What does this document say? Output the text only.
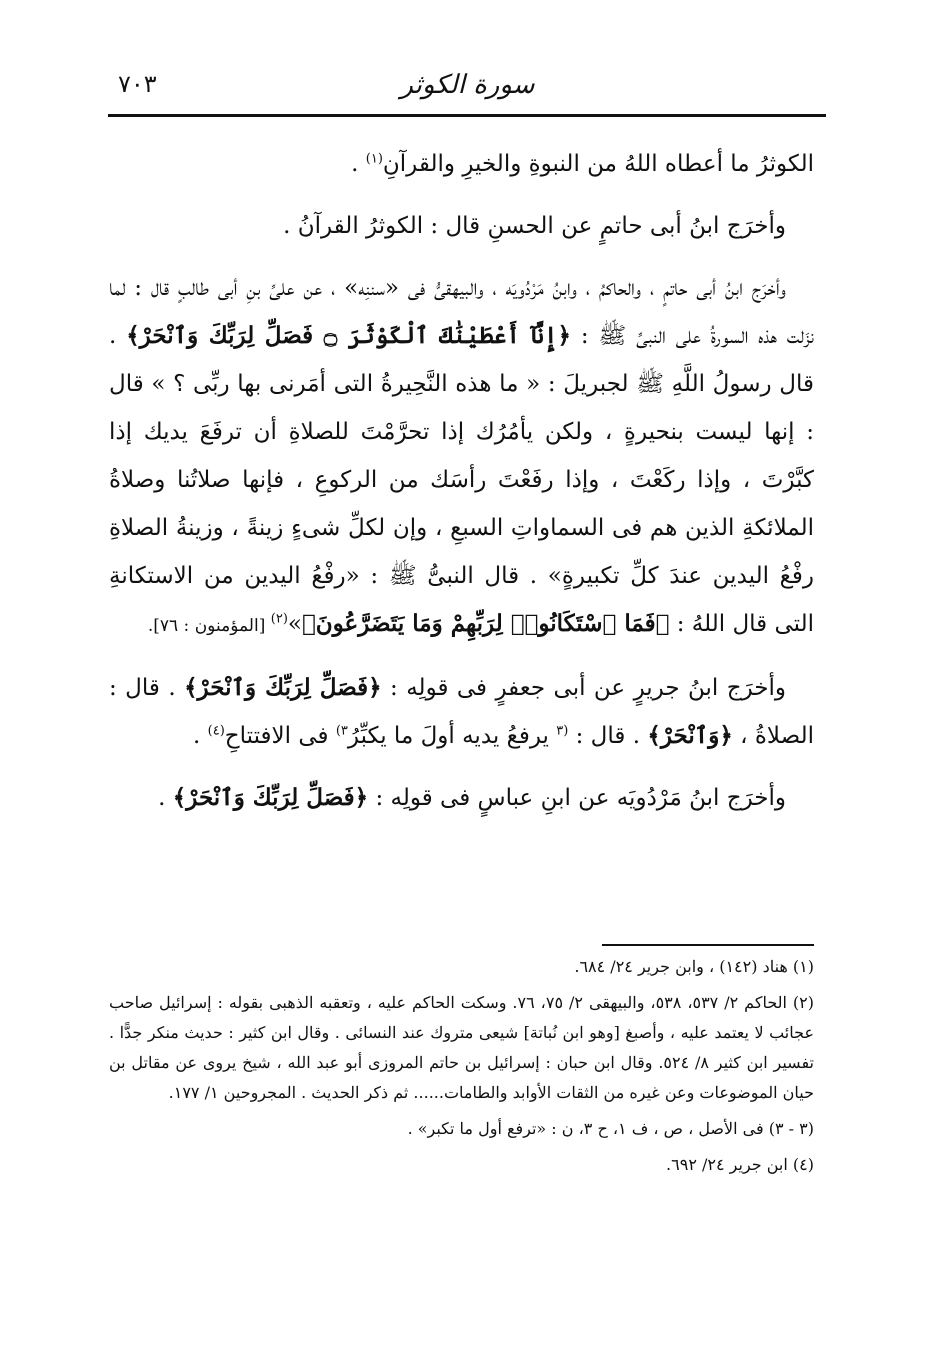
سورة الكوثر
٧٠٣

الكوثرُ ما أعطاه اللهُ من النبوةِ والخيرِ والقرآنِ$^{(١)}$ .

وأخرَج ابنُ أبى حاتمٍ عن الحسنِ قال : الكوثرُ القرآنُ .

وأخرَج ابنُ أبى حاتمٍ ، والحاكمُ ، وابنُ مَرْدُويَه ، والبيهقىُّ فى «سننِه» ، عن علىِّ بنِ أبى طالبٍ قال : لما نزَلت هذه السورةُ على النبىِّ ﷺ : ﴿إِنَّآ أَعْطَيْنَٰكَ ٱلْكَوْثَرَ ۝ فَصَلِّ لِرَبِّكَ وَٱنْحَرْ﴾ . قال رسولُ اللَّهِ ﷺ لجبريلَ : « ما هذه النَّحِيرةُ التى أمَرنى بها ربِّى ؟ » قال : إنها ليست بنحيرةٍ ، ولكن يأمُرُك إذا تحرَّمْتَ للصلاةِ أن ترفَعَ يديك إذا كبَّرْتَ ، وإذا ركَعْتَ ، وإذا رفَعْتَ رأسَك من الركوعِ ، فإنها صلاتُنا وصلاةُ الملائكةِ الذين هم فى السماواتِ السبعِ ، وإن لكلِّ شىءٍ زينةً ، وزينةُ الصلاةِ رفْعُ اليدين عندَ كلِّ تكبيرةٍ» . قال النبىُّ ﷺ : «رفْعُ اليدين من الاستكانةِ التى قال اللهُ : ﴿فَمَا ٱسْتَكَانُوا۟ لِرَبِّهِمْ وَمَا يَتَضَرَّعُونَ﴾»$^{(٢)}$ [المؤمنون : ٧٦].

وأخرَج ابنُ جريرٍ عن أبى جعفرٍ فى قولِه : ﴿فَصَلِّ لِرَبِّكَ وَٱنْحَرْ﴾ . قال : الصلاةُ ، ﴿وَٱنْحَرْ﴾ . قال : $^{(٣}$ يرفعُ يديه أولَ ما يكبِّرُ$^{٣)}$ فى الافتتاحِ$^{(٤)}$ .

وأخرَج ابنُ مَرْدُويَه عن ابنِ عباسٍ فى قولِه : ﴿فَصَلِّ لِرَبِّكَ وَٱنْحَرْ﴾ .

(١) هناد (١٤٢) ، وابن جرير ٢٤/ ٦٨٤.

(٢) الحاكم ٢/ ٥٣٧، ٥٣٨، والبيهقى ٢/ ٧٥، ٧٦. وسكت الحاكم عليه ، وتعقبه الذهبى بقوله : إسرائيل صاحب عجائب لا يعتمد عليه ، وأصبغ [وهو ابن نُباتة] شيعى متروك عند النسائى . وقال ابن كثير : حديث منكر جدًّا . تفسير ابن كثير ٨/ ٥٢٤. وقال ابن حبان : إسرائيل بن حاتم المروزى أبو عبد الله ، شيخ يروى عن مقاتل بن حيان الموضوعات وعن غيره من الثقات الأوابد والطامات...... ثم ذكر الحديث . المجروحين ١/ ١٧٧.

(٣ - ٣) فى الأصل ، ص ، ف ١، ح ٣، ن : «ترفع أول ما تكبر» .

(٤) ابن جرير ٢٤/ ٦٩٢.
